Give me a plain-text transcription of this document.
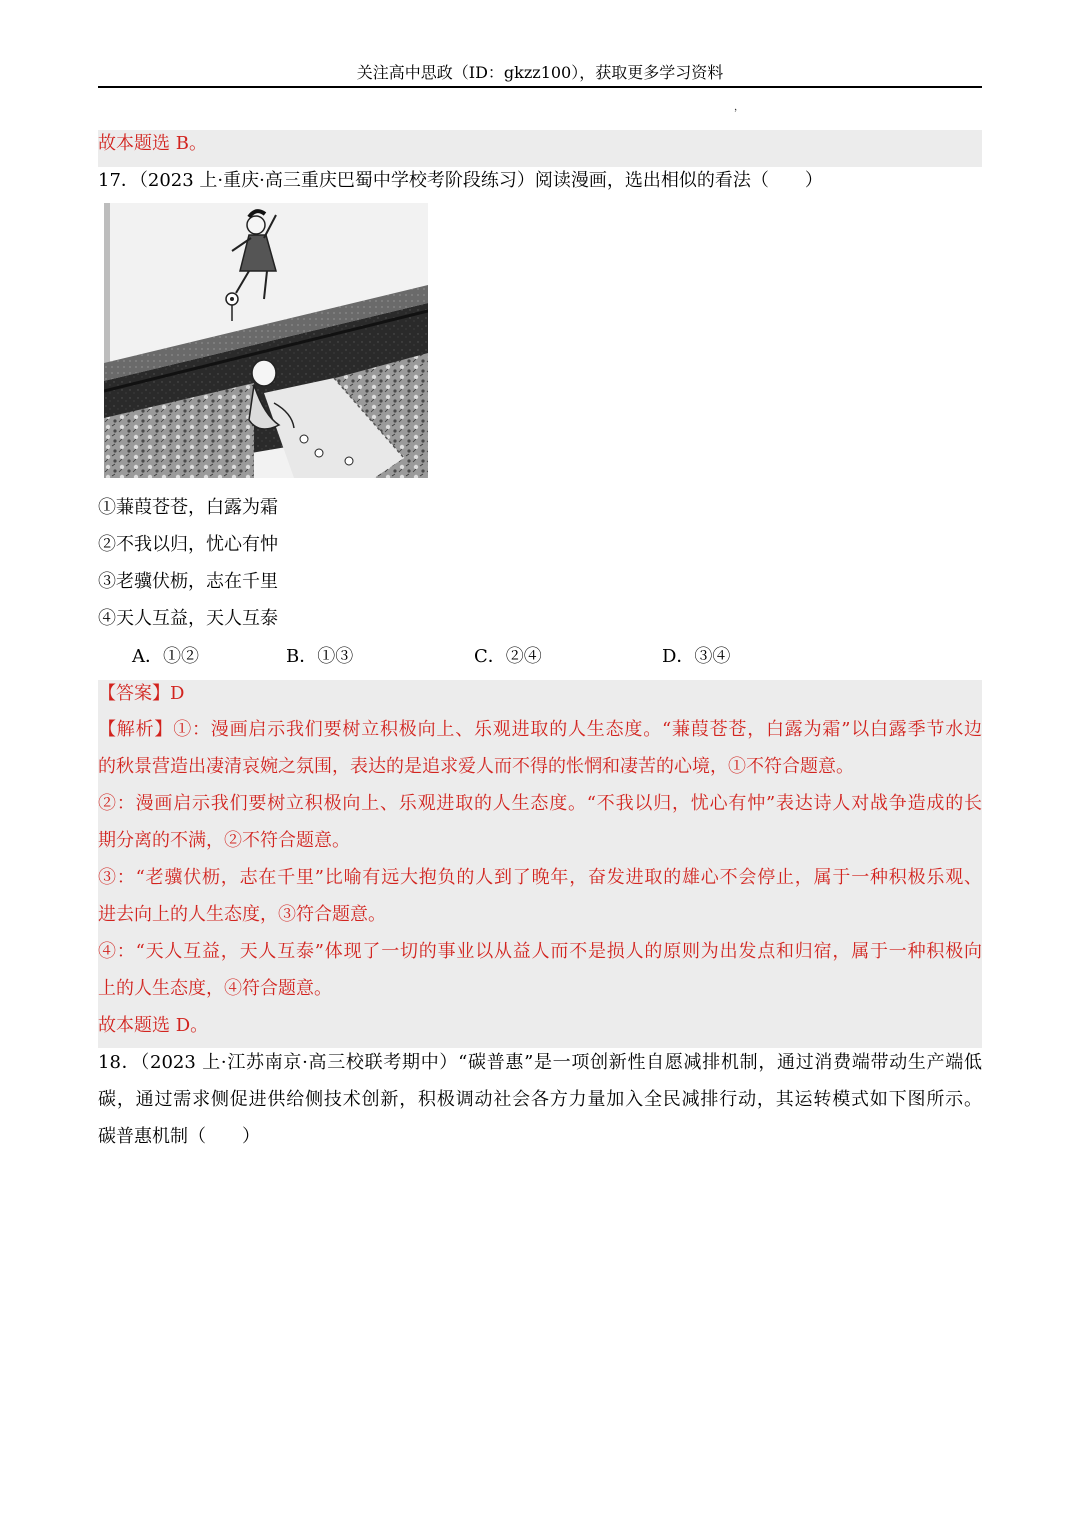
关注高中思政（ID：gkzz100），获取更多学习资料
，
故本题选 B。
17．（2023 上·重庆·高三重庆巴蜀中学校考阶段练习）阅读漫画，选出相似的看法（　　）
①蒹葭苍苍，白露为霜
②不我以归，忧心有忡
③老骥伏枥，志在千里
④天人互益，天人互泰
A．①②	B．①③	C．②④	D．③④
【答案】D
【解析】①：漫画启示我们要树立积极向上、乐观进取的人生态度。“蒹葭苍苍，白露为霜”以白露季节水边
的秋景营造出凄清哀婉之氛围，表达的是追求爱人而不得的怅惘和凄苦的心境，①不符合题意。
②：漫画启示我们要树立积极向上、乐观进取的人生态度。“不我以归，忧心有忡”表达诗人对战争造成的长
期分离的不满，②不符合题意。
③：“老骥伏枥，志在千里”比喻有远大抱负的人到了晚年，奋发进取的雄心不会停止，属于一种积极乐观、
进去向上的人生态度，③符合题意。
④：“天人互益，天人互泰”体现了一切的事业以从益人而不是损人的原则为出发点和归宿，属于一种积极向
上的人生态度，④符合题意。
故本题选 D。
18．（2023 上·江苏南京·高三校联考期中）“碳普惠”是一项创新性自愿减排机制，通过消费端带动生产端低
碳，通过需求侧促进供给侧技术创新，积极调动社会各方力量加入全民减排行动，其运转模式如下图所示。
碳普惠机制（　　）
